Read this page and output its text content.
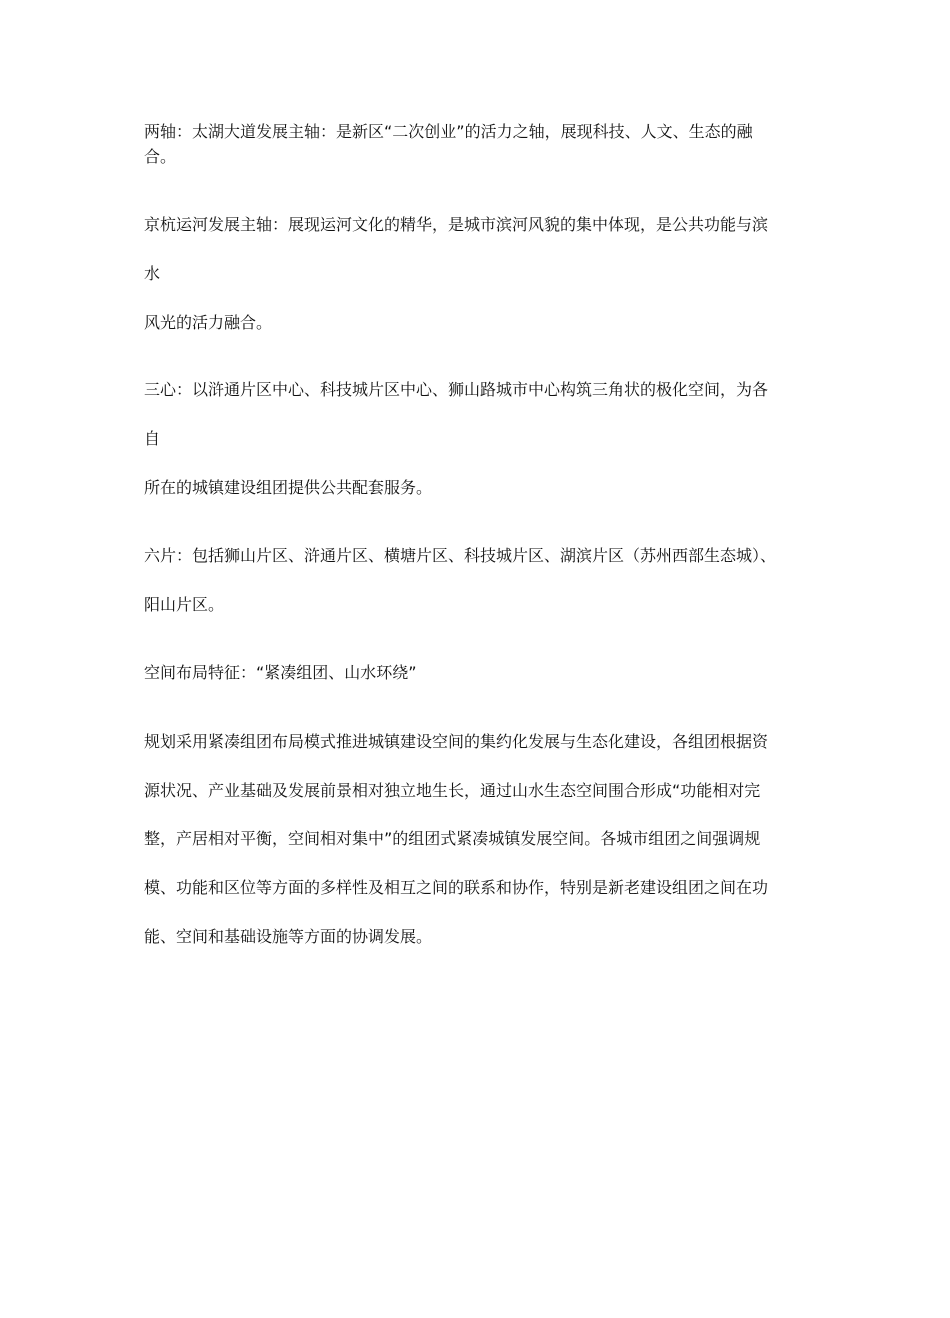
两轴：太湖大道发展主轴：是新区“二次创业”的活力之轴，展现科技、人文、生态的融
合。
京杭运河发展主轴：展现运河文化的精华，是城市滨河风貌的集中体现，是公共功能与滨
水
风光的活力融合。
三心：以浒通片区中心、科技城片区中心、狮山路城市中心构筑三角状的极化空间，为各
自
所在的城镇建设组团提供公共配套服务。
六片：包括狮山片区、浒通片区、横塘片区、科技城片区、湖滨片区（苏州西部生态城）、
阳山片区。
空间布局特征：“紧凑组团、山水环绕”
规划采用紧凑组团布局模式推进城镇建设空间的集约化发展与生态化建设，各组团根据资
源状况、产业基础及发展前景相对独立地生长，通过山水生态空间围合形成“功能相对完
整，产居相对平衡，空间相对集中”的组团式紧凑城镇发展空间。各城市组团之间强调规
模、功能和区位等方面的多样性及相互之间的联系和协作，特别是新老建设组团之间在功
能、空间和基础设施等方面的协调发展。
